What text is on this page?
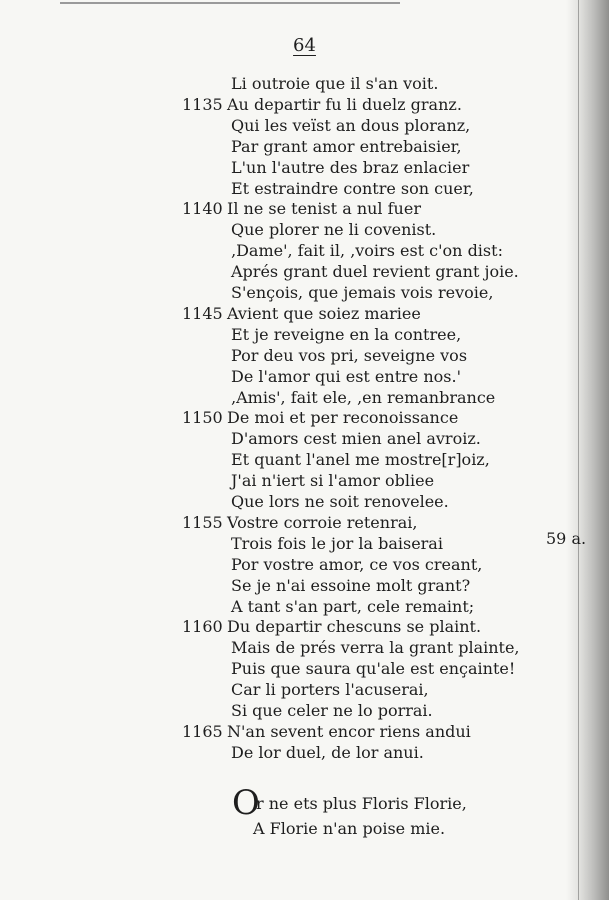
64
Li outroie que il s'an voit.
1135 Au departir fu li duelz granz.
Qui les veïst an dous ploranz,
Par grant amor entrebaisier,
L'un l'autre des braz enlacier
Et estraindre contre son cuer,
1140 Il ne se tenist a nul fuer
Que plorer ne li covenist.
‚Dame', fait il, ‚voirs est c'on dist:
Aprés grant duel revient grant joie.
S'ençois, que jemais vois revoie,
1145 Avient que soiez mariee
Et je reveigne en la contree,
Por deu vos pri, seveigne vos
De l'amor qui est entre nos.'
‚Amis', fait ele, ‚en remanbrance
1150 De moi et per reconoissance
D'amors cest mien anel avroiz.
Et quant l'anel me mostre[r]oiz,
J'ai n'iert si l'amor obliee
Que lors ne soit renovelee.
1155 Vostre corroie retenrai,
Trois fois le jor la baiserai
Por vostre amor, ce vos creant,
Se je n'ai essoine molt grant?
A tant s'an part, cele remaint;
1160 Du departir chescuns se plaint.
Mais de prés verra la grant plainte,
Puis que saura qu'ale est ençainte!
Car li porters l'acuserai,
Si que celer ne lo porrai.
1165 N'an sevent encor riens andui
De lor duel, de lor anui.
59 a.
O
r ne ets plus Floris Florie,
A Florie n'an poise mie.
